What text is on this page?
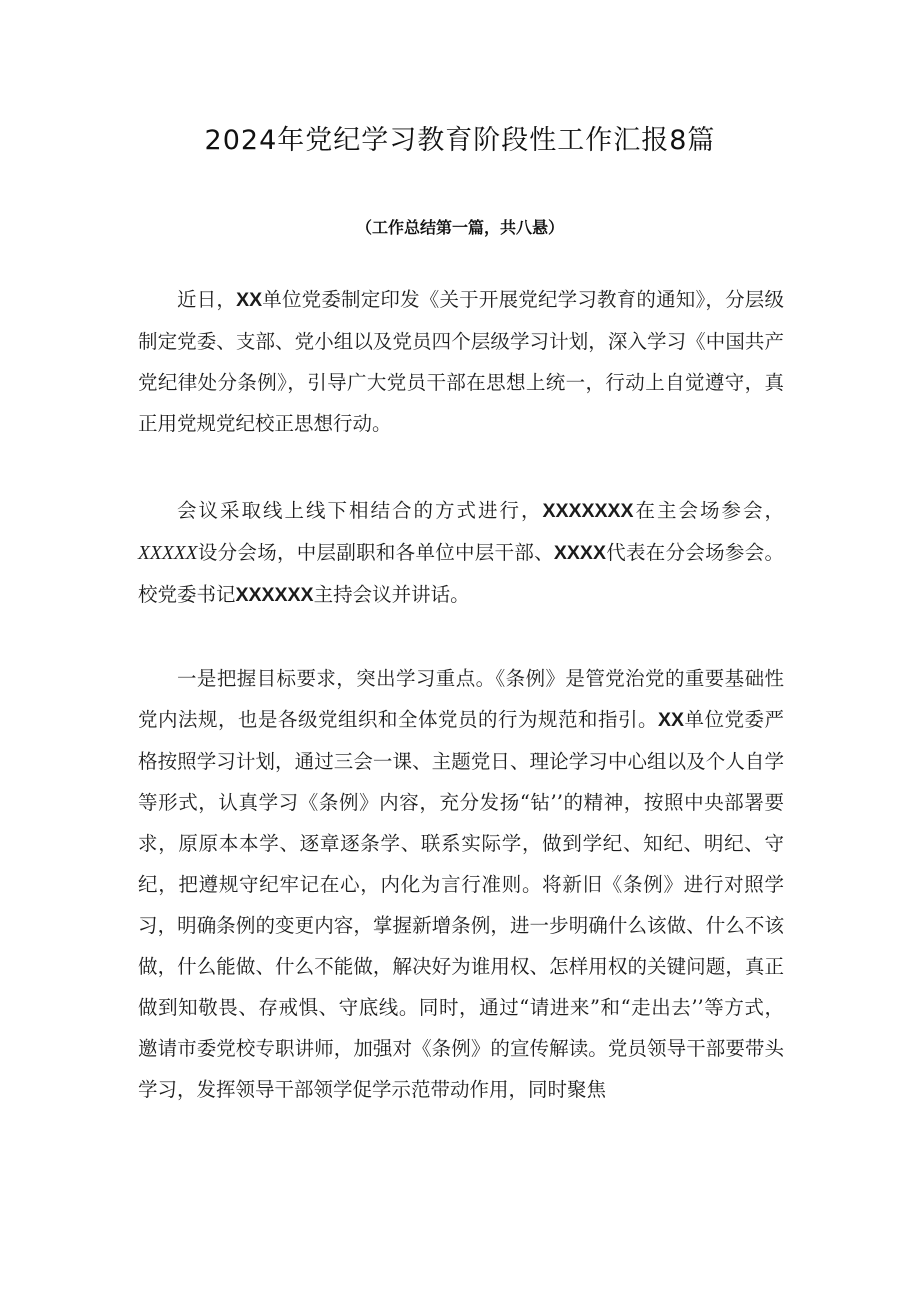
2024年党纪学习教育阶段性工作汇报8篇
（工作总结第一篇，共八悬）

近日，XX单位党委制定印发《关于开展党纪学习教育的通知》，分层级制定党委、支部、党小组以及党员四个层级学习计划，深入学习《中国共产党纪律处分条例》，引导广大党员干部在思想上统一，行动上自觉遵守，真正用党规党纪校正思想行动。

会议采取线上线下相结合的方式进行，XXXXXXX在主会场参会，XXXXX设分会场，中层副职和各单位中层干部、XXXX代表在分会场参会。校党委书记XXXXXX主持会议并讲话。

一是把握目标要求，突出学习重点。《条例》是管党治党的重要基础性党内法规，也是各级党组织和全体党员的行为规范和指引。XX单位党委严格按照学习计划，通过三会一课、主题党日、理论学习中心组以及个人自学等形式，认真学习《条例》内容，充分发扬“钻’’的精神，按照中央部署要求，原原本本学、逐章逐条学、联系实际学，做到学纪、知纪、明纪、守纪，把遵规守纪牢记在心，内化为言行准则。将新旧《条例》进行对照学习，明确条例的变更内容，掌握新增条例，进一步明确什么该做、什么不该做，什么能做、什么不能做，解决好为谁用权、怎样用权的关键问题，真正做到知敬畏、存戒惧、守底线。同时，通过“请进来”和“走出去’’等方式，邀请市委党校专职讲师，加强对《条例》的宣传解读。党员领导干部要带头学习，发挥领导干部领学促学示范带动作用，同时聚焦
